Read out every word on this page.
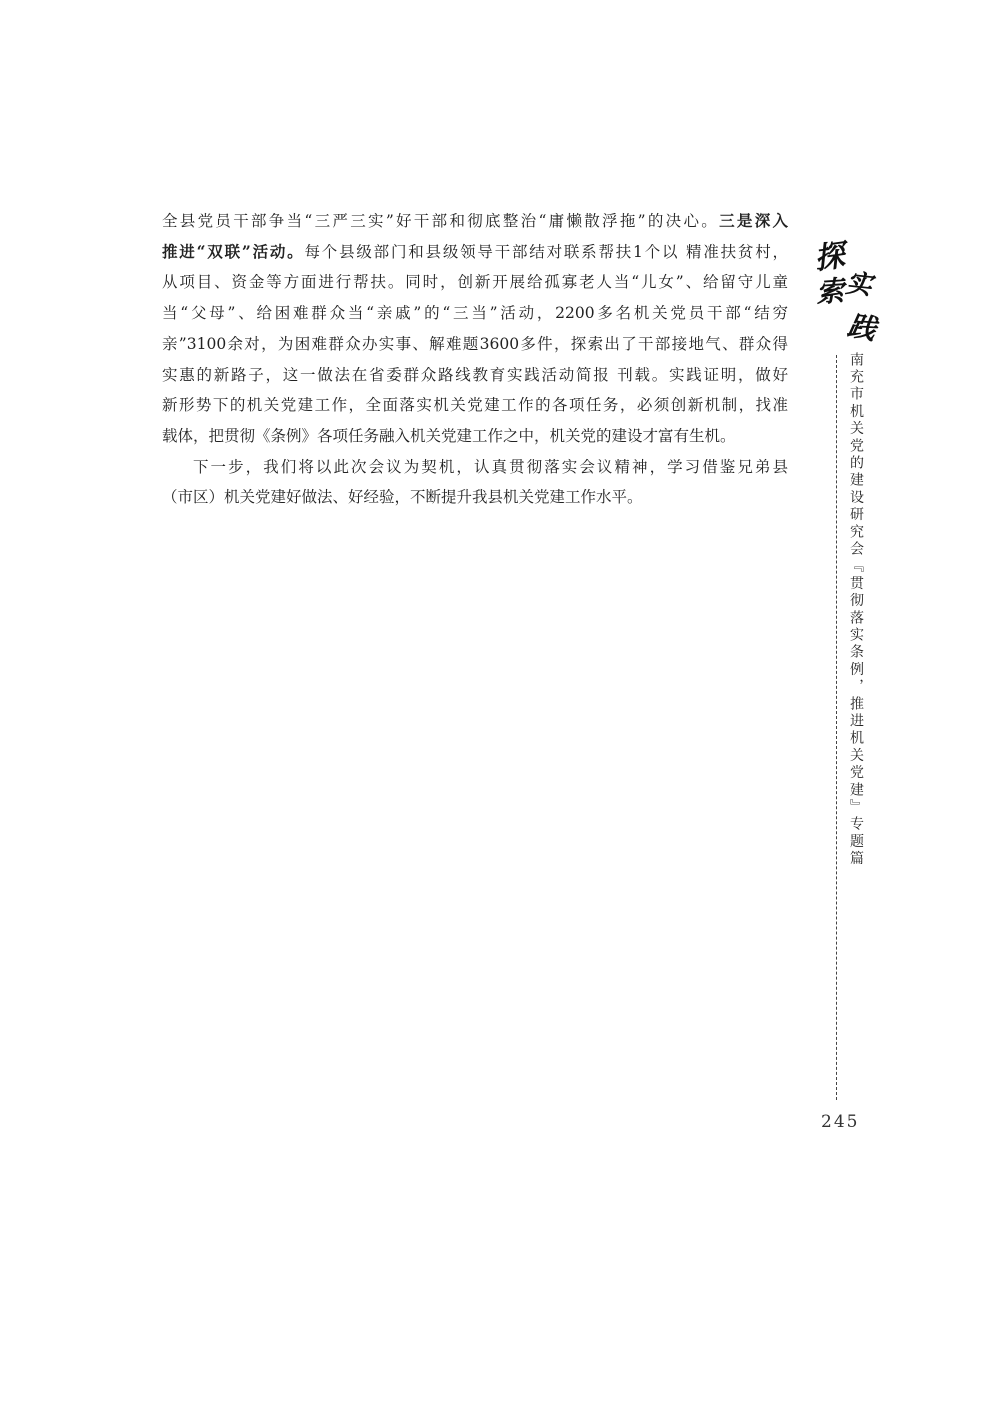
全县党员干部争当“三严三实”好干部和彻底整治“庸懒散浮拖”的决心。三是深入
推进“双联”活动。每个县级部门和县级领导干部结对联系帮扶1个以 精准扶贫村，
从项目、资金等方面进行帮扶。同时，创新开展给孤寡老人当“儿女”、给留守儿童
当“父母”、给困难群众当“亲戚”的“三当”活动，2200多名机关党员干部“结穷
亲”3100余对，为困难群众办实事、解难题3600多件，探索出了干部接地气、群众得
实惠的新路子，这一做法在省委群众路线教育实践活动简报 刊载。实践证明，做好
新形势下的机关党建工作，全面落实机关党建工作的各项任务，必须创新机制，找准
载体，把贯彻《条例》各项任务融入机关党建工作之中，机关党的建设才富有生机。
下一步，我们将以此次会议为契机，认真贯彻落实会议精神，学习借鉴兄弟县
（市区）机关党建好做法、好经验，不断提升我县机关党建工作水平。
探
实
索
践
南充市机关党的建设研究会『贯彻落实条例，推进机关党建』专题篇
245
